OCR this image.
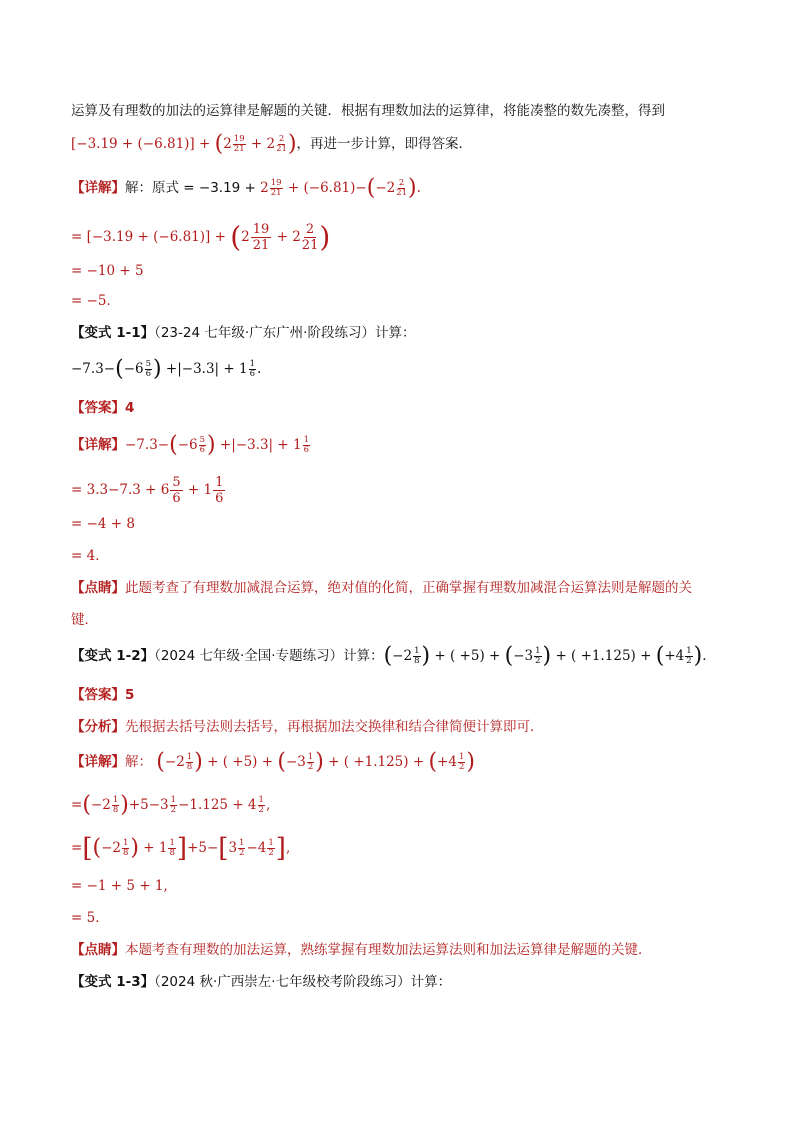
运算及有理数的加法的运算律是解题的关键．根据有理数加法的运算律，将能凑整的数先凑整，得到
$[-3.19 + (-6.81)] + (2 \frac{19}{21} + 2 \frac{2}{21}$ )，再进一步计算，即得答案．
【详解】解：原式 = $-3.19 + 2 \frac{19}{21} + (-6.81)-(-2 \frac{2}{21}$ ).
= $[-3.19 + (-6.81)] + (2 \frac{19}{21} + 2 \frac{2}{21}$ )
= −10 + 5
= −5．
【变式 1-1】（23-24 七年级·广东广州·阶段练习）计算：
$-7.3-(-6 \frac{5}{6}$ ) $+|-3.3| + 1 \frac{1}{6}$ .
【答案】4
【详解】$-7.3-(-6 \frac{5}{6}$ ) $+|-3.3| + 1 \frac{1}{6}$
= $3.3-7.3 + 6 \frac{5}{6} + 1 \frac{1}{6}$
= −4 + 8
= 4．
【点睛】此题考查了有理数加减混合运算，绝对值的化简，正确掌握有理数加减混合运算法则是解题的关
键．
【变式 1-2】（2024 七年级·全国·专题练习）计算：($-2 \frac{1}{8}$ ) + ( $+5) + (-3 \frac{1}{2}$ ) + ( $+1.125) + (+4 \frac{1}{2}$ ).
【答案】5
【分析】先根据去括号法则去括号，再根据加法交换律和结合律简便计算即可．
【详解】解： ($-2 \frac{1}{8}$ ) + ( $+5) + (-3 \frac{1}{2}$ ) + ( $+1.125) + (+4 \frac{1}{2}$ )
$=(-2 \frac{1}{8} )+5-3 \frac{1}{2} -1.125 + 4 \frac{1}{2}$ ,
$=[(-2 \frac{1}{8}$ ) + $1 \frac{1}{8} ]+5-[3 \frac{1}{2} -4 \frac{1}{2}$ ],
= −1 + 5 + 1,
= 5．
【点睛】本题考查有理数的加法运算，熟练掌握有理数加法运算法则和加法运算律是解题的关键．
【变式 1-3】（2024 秋·广西崇左·七年级校考阶段练习）计算：
